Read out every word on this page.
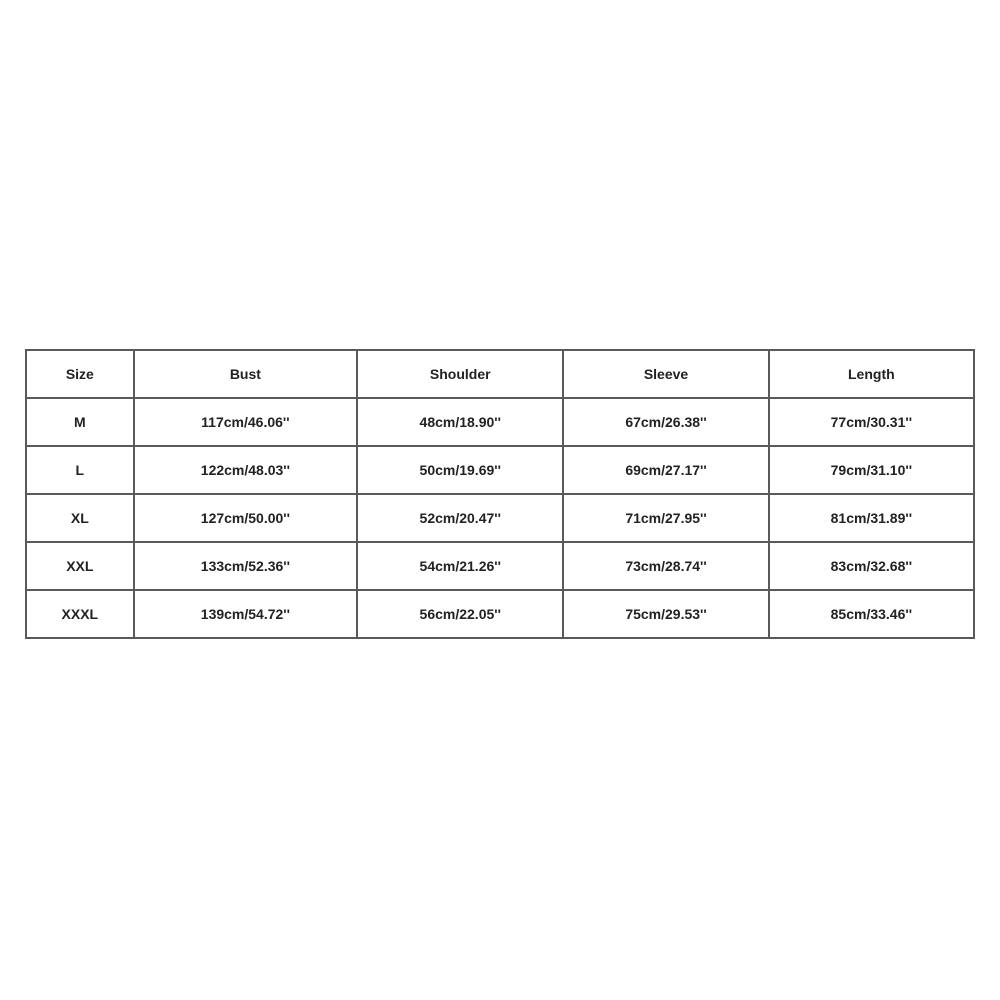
Size	Bust	Shoulder	Sleeve	Length
M	117cm/46.06''	48cm/18.90''	67cm/26.38''	77cm/30.31''
L	122cm/48.03''	50cm/19.69''	69cm/27.17''	79cm/31.10''
XL	127cm/50.00''	52cm/20.47''	71cm/27.95''	81cm/31.89''
XXL	133cm/52.36''	54cm/21.26''	73cm/28.74''	83cm/32.68''
XXXL	139cm/54.72''	56cm/22.05''	75cm/29.53''	85cm/33.46''
